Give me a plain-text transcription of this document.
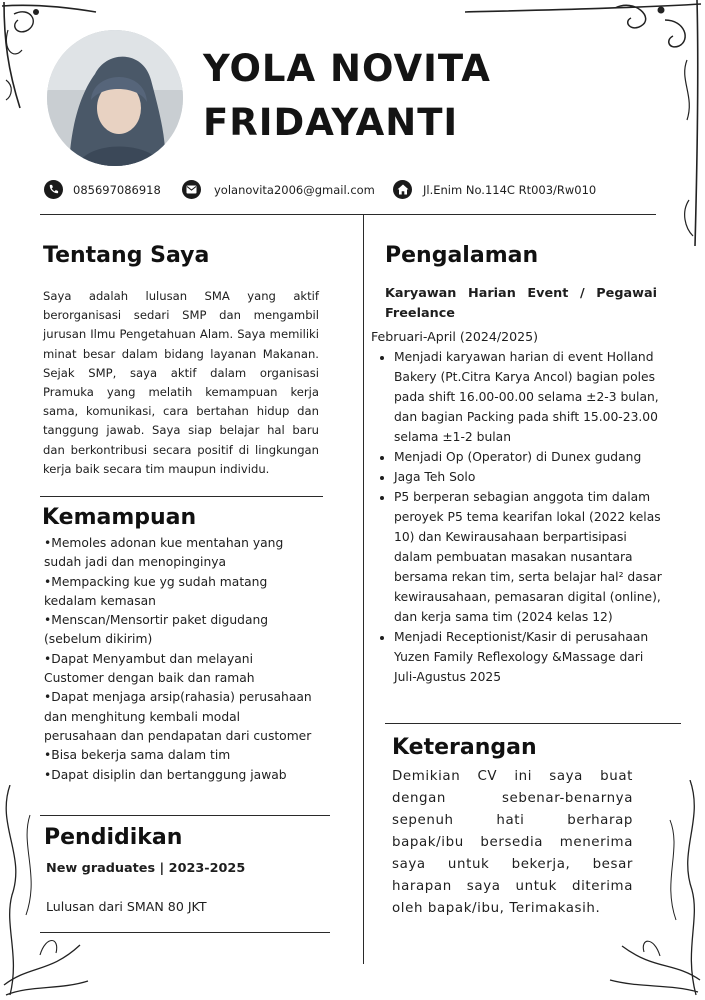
YOLA NOVITA
FRIDAYANTI
085697086918	yolanovita2006@gmail.com	Jl.Enim No.114C Rt003/Rw010
Tentang Saya

Saya adalah lulusan SMA yang aktif berorganisasi sedari SMP dan mengambil jurusan Ilmu Pengetahuan Alam. Saya memiliki minat besar dalam bidang layanan Makanan. Sejak SMP, saya aktif dalam organisasi Pramuka yang melatih kemampuan kerja sama, komunikasi, cara bertahan hidup dan tanggung jawab. Saya siap belajar hal baru dan berkontribusi secara positif di lingkungan kerja baik secara tim maupun individu.

Kemampuan
•Memoles adonan kue mentahan yang sudah jadi dan menopinginya
•Mempacking kue yg sudah matang kedalam kemasan
•Menscan/Mensortir paket digudang (sebelum dikirim)
•Dapat Menyambut dan melayani Customer dengan baik dan ramah
•Dapat menjaga arsip(rahasia) perusahaan dan menghitung kembali modal perusahaan dan pendapatan dari customer
•Bisa bekerja sama dalam tim
•Dapat disiplin dan bertanggung jawab
Pendidikan

New graduates | 2023-2025

Lulusan dari SMAN 80 JKT

Pengalaman

Karyawan Harian Event / Pegawai Freelance

Februari-April (2024/2025)

• Menjadi karyawan harian di event Holland Bakery (Pt.Citra Karya Ancol) bagian poles pada shift 16.00-00.00 selama ±2-3 bulan, dan bagian Packing pada shift 15.00-23.00 selama ±1-2 bulan
• Menjadi Op (Operator) di Dunex gudang
• Jaga Teh Solo
• P5 berperan sebagian anggota tim dalam peroyek P5 tema kearifan lokal (2022 kelas 10) dan Kewirausahaan berpartisipasi dalam pembuatan masakan nusantara bersama rekan tim, serta belajar hal² dasar kewirausahaan, pemasaran digital (online), dan kerja sama tim (2024 kelas 12)
• Menjadi Receptionist/Kasir di perusahaan Yuzen Family Reflexology &Massage dari Juli-Agustus 2025
Keterangan

Demikian CV ini saya buat dengan sebenar-benarnya sepenuh hati berharap bapak/ibu bersedia menerima saya untuk bekerja, besar harapan saya untuk diterima oleh bapak/ibu, Terimakasih.
